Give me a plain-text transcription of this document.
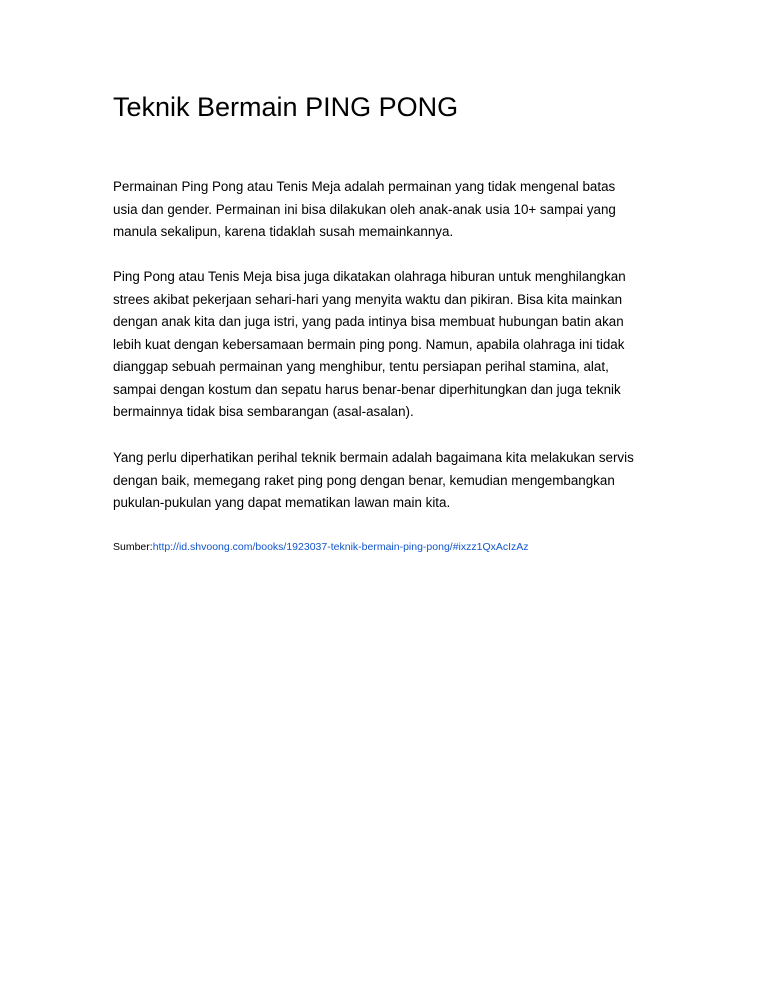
Teknik Bermain PING PONG

Permainan Ping Pong atau Tenis Meja adalah permainan yang tidak mengenal batas
usia dan gender. Permainan ini bisa dilakukan oleh anak-anak usia 10+ sampai yang
manula sekalipun, karena tidaklah susah memainkannya.

Ping Pong atau Tenis Meja bisa juga dikatakan olahraga hiburan untuk menghilangkan
strees akibat pekerjaan sehari-hari yang menyita waktu dan pikiran. Bisa kita mainkan
dengan anak kita dan juga istri, yang pada intinya bisa membuat hubungan batin akan
lebih kuat dengan kebersamaan bermain ping pong. Namun, apabila olahraga ini tidak
dianggap sebuah permainan yang menghibur, tentu persiapan perihal stamina, alat,
sampai dengan kostum dan sepatu harus benar-benar diperhitungkan dan juga teknik
bermainnya tidak bisa sembarangan (asal-asalan).

Yang perlu diperhatikan perihal teknik bermain adalah bagaimana kita melakukan servis
dengan baik, memegang raket ping pong dengan benar, kemudian mengembangkan
pukulan-pukulan yang dapat mematikan lawan main kita.

Sumber:http://id.shvoong.com/books/1923037-teknik-bermain-ping-pong/#ixzz1QxAcIzAz
